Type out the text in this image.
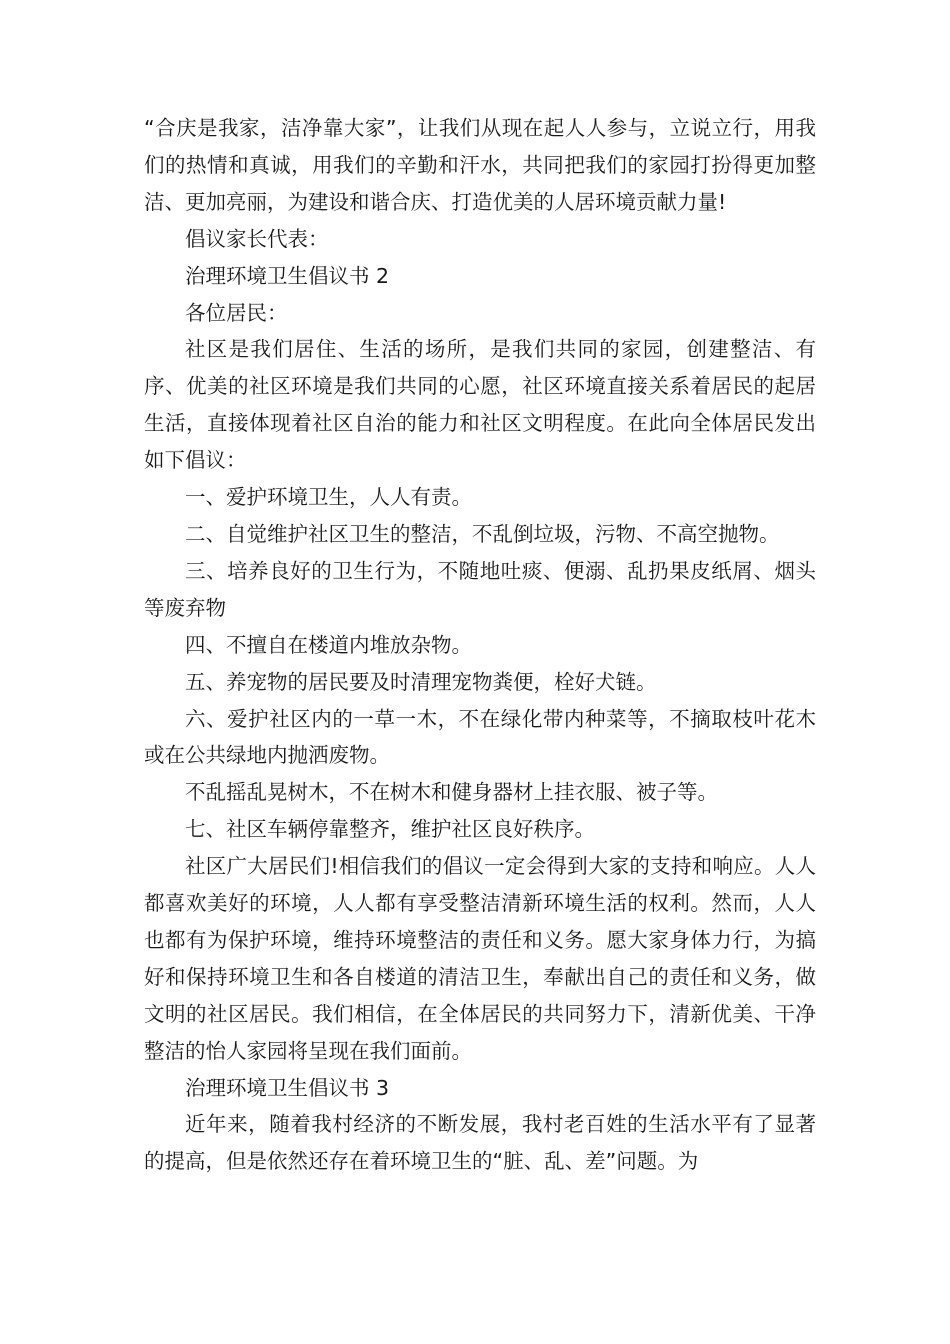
“合庆是我家，洁净靠大家”，让我们从现在起人人参与，立说立行，用我们的热情和真诚，用我们的辛勤和汗水，共同把我们的家园打扮得更加整洁、更加亮丽，为建设和谐合庆、打造优美的人居环境贡献力量!

倡议家长代表：

治理环境卫生倡议书 2

各位居民：

社区是我们居住、生活的场所，是我们共同的家园，创建整洁、有序、优美的社区环境是我们共同的心愿，社区环境直接关系着居民的起居生活，直接体现着社区自治的能力和社区文明程度。在此向全体居民发出如下倡议：

一、爱护环境卫生，人人有责。

二、自觉维护社区卫生的整洁，不乱倒垃圾，污物、不高空抛物。

三、培养良好的卫生行为，不随地吐痰、便溺、乱扔果皮纸屑、烟头等废弃物

四、不擅自在楼道内堆放杂物。

五、养宠物的居民要及时清理宠物粪便，栓好犬链。

六、爱护社区内的一草一木，不在绿化带内种菜等，不摘取枝叶花木或在公共绿地内抛洒废物。

不乱摇乱晃树木，不在树木和健身器材上挂衣服、被子等。

七、社区车辆停靠整齐，维护社区良好秩序。

社区广大居民们!相信我们的倡议一定会得到大家的支持和响应。人人都喜欢美好的环境，人人都有享受整洁清新环境生活的权利。然而，人人也都有为保护环境，维持环境整洁的责任和义务。愿大家身体力行，为搞好和保持环境卫生和各自楼道的清洁卫生，奉献出自己的责任和义务，做文明的社区居民。我们相信，在全体居民的共同努力下，清新优美、干净整洁的怡人家园将呈现在我们面前。

治理环境卫生倡议书 3

近年来，随着我村经济的不断发展，我村老百姓的生活水平有了显著的提高，但是依然还存在着环境卫生的“脏、乱、差”问题。为
